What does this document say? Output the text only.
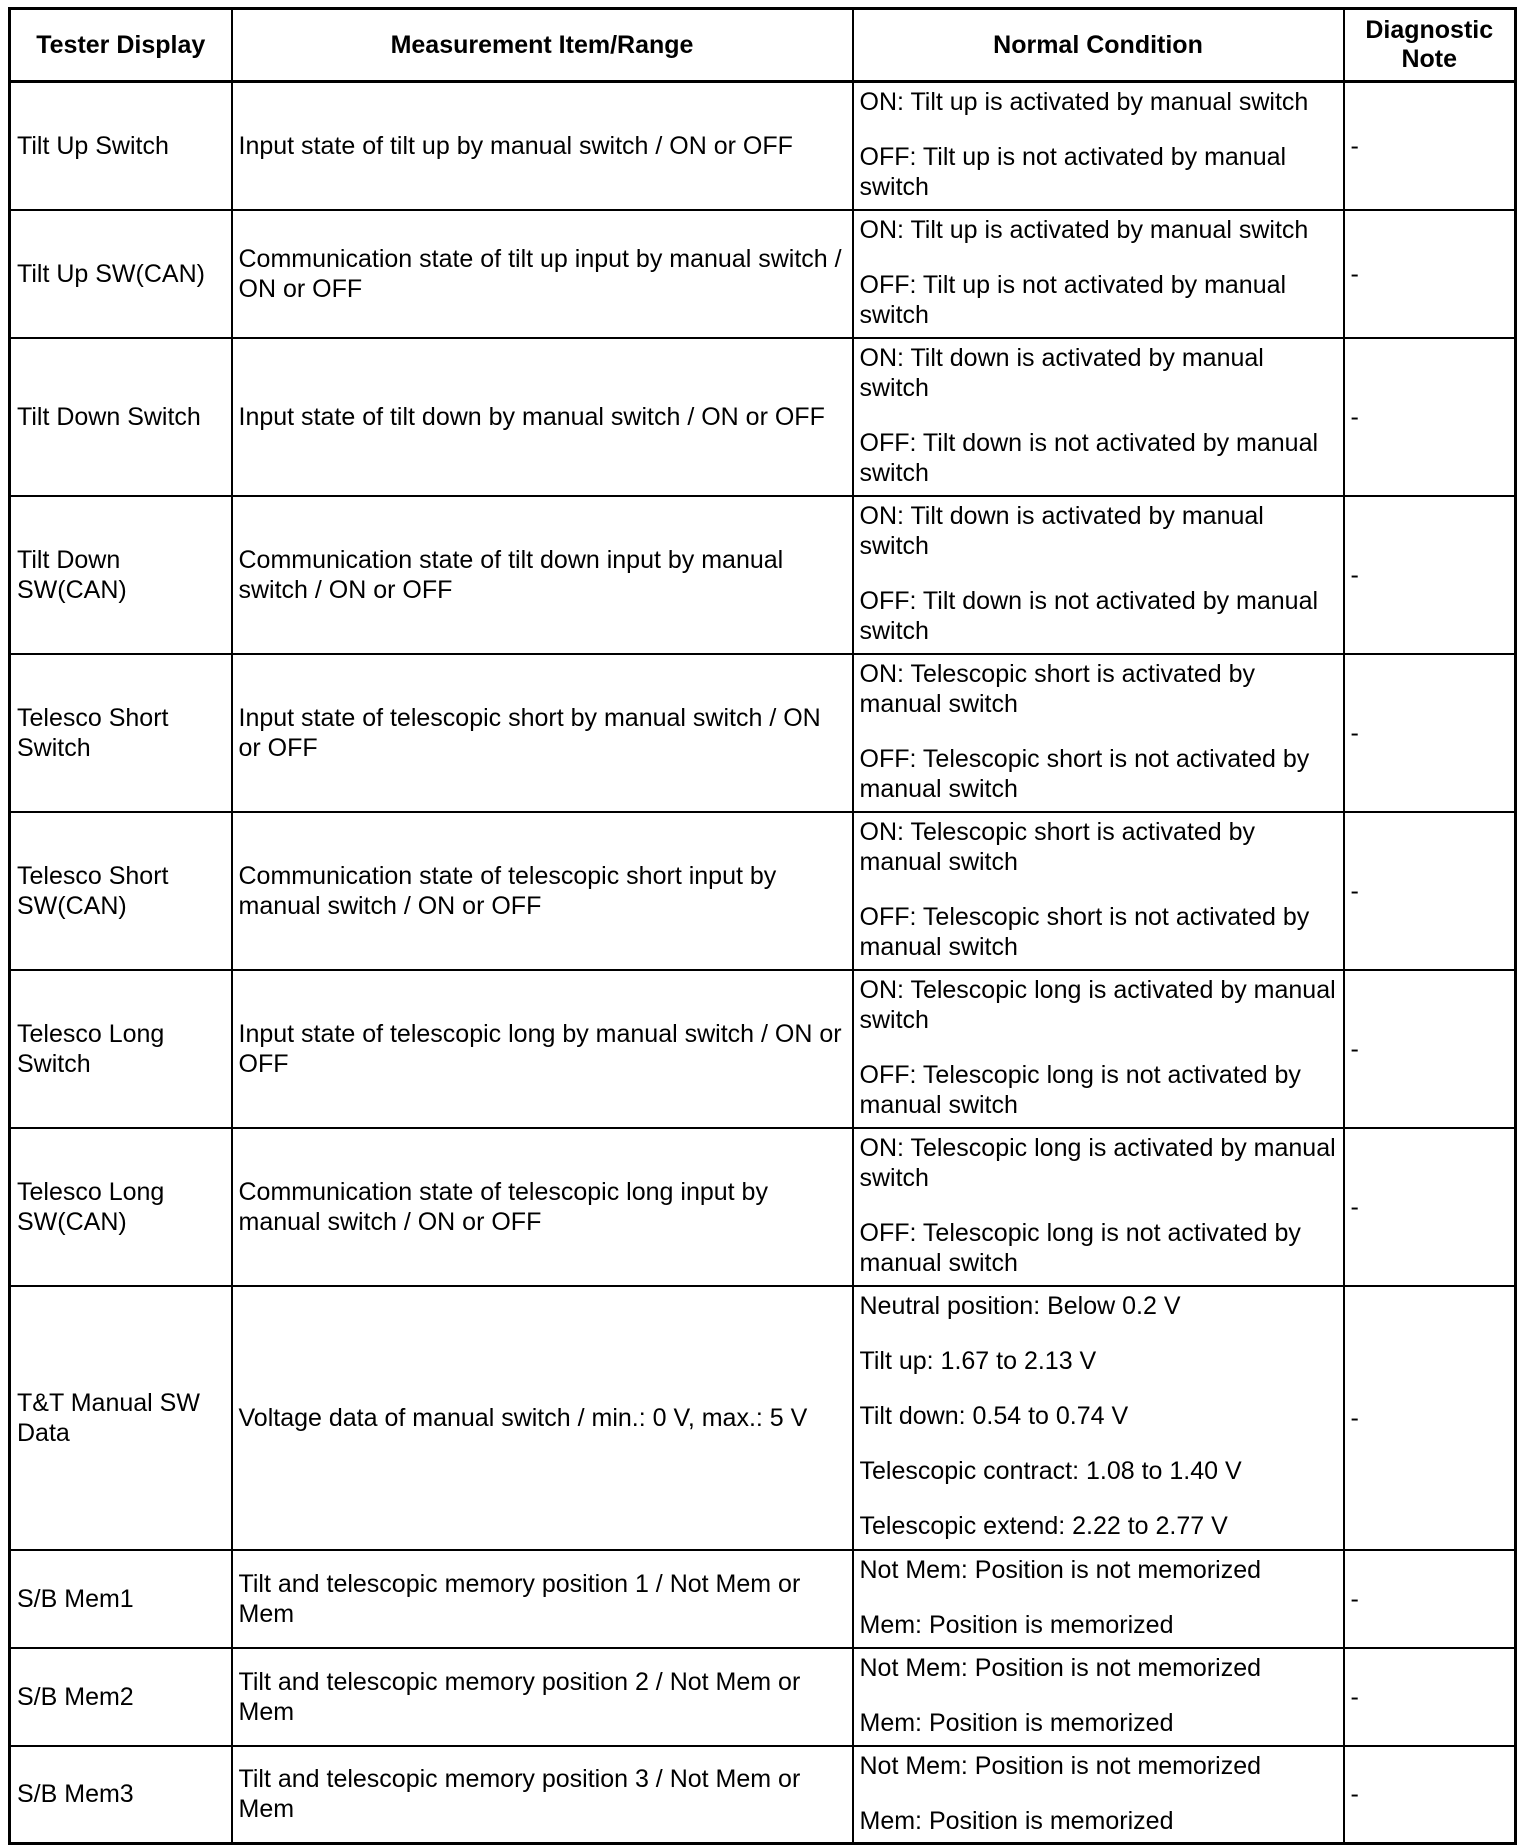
Tester Display	Measurement Item/Range	Normal Condition	Diagnostic Note
Tilt Up Switch	Input state of tilt up by manual switch / ON or OFF	ON: Tilt up is activated by manual switch
OFF: Tilt up is not activated by manual switch	-
Tilt Up SW(CAN)	Communication state of tilt up input by manual switch / ON or OFF	ON: Tilt up is activated by manual switch
OFF: Tilt up is not activated by manual switch	-
Tilt Down Switch	Input state of tilt down by manual switch / ON or OFF	ON: Tilt down is activated by manual switch
OFF: Tilt down is not activated by manual switch	-
Tilt Down SW(CAN)	Communication state of tilt down input by manual switch / ON or OFF	ON: Tilt down is activated by manual switch
OFF: Tilt down is not activated by manual switch	-
Telesco Short Switch	Input state of telescopic short by manual switch / ON or OFF	ON: Telescopic short is activated by manual switch
OFF: Telescopic short is not activated by manual switch	-
Telesco Short SW(CAN)	Communication state of telescopic short input by manual switch / ON or OFF	ON: Telescopic short is activated by manual switch
OFF: Telescopic short is not activated by manual switch	-
Telesco Long Switch	Input state of telescopic long by manual switch / ON or OFF	ON: Telescopic long is activated by manual switch
OFF: Telescopic long is not activated by manual switch	-
Telesco Long SW(CAN)	Communication state of telescopic long input by manual switch / ON or OFF	ON: Telescopic long is activated by manual switch
OFF: Telescopic long is not activated by manual switch	-
T&T Manual SW Data	Voltage data of manual switch / min.: 0 V, max.: 5 V	Neutral position: Below 0.2 V
Tilt up: 1.67 to 2.13 V
Tilt down: 0.54 to 0.74 V
Telescopic contract: 1.08 to 1.40 V
Telescopic extend: 2.22 to 2.77 V	-
S/B Mem1	Tilt and telescopic memory position 1 / Not Mem or Mem	Not Mem: Position is not memorized
Mem: Position is memorized	-
S/B Mem2	Tilt and telescopic memory position 2 / Not Mem or Mem	Not Mem: Position is not memorized
Mem: Position is memorized	-
S/B Mem3	Tilt and telescopic memory position 3 / Not Mem or Mem	Not Mem: Position is not memorized
Mem: Position is memorized	-
